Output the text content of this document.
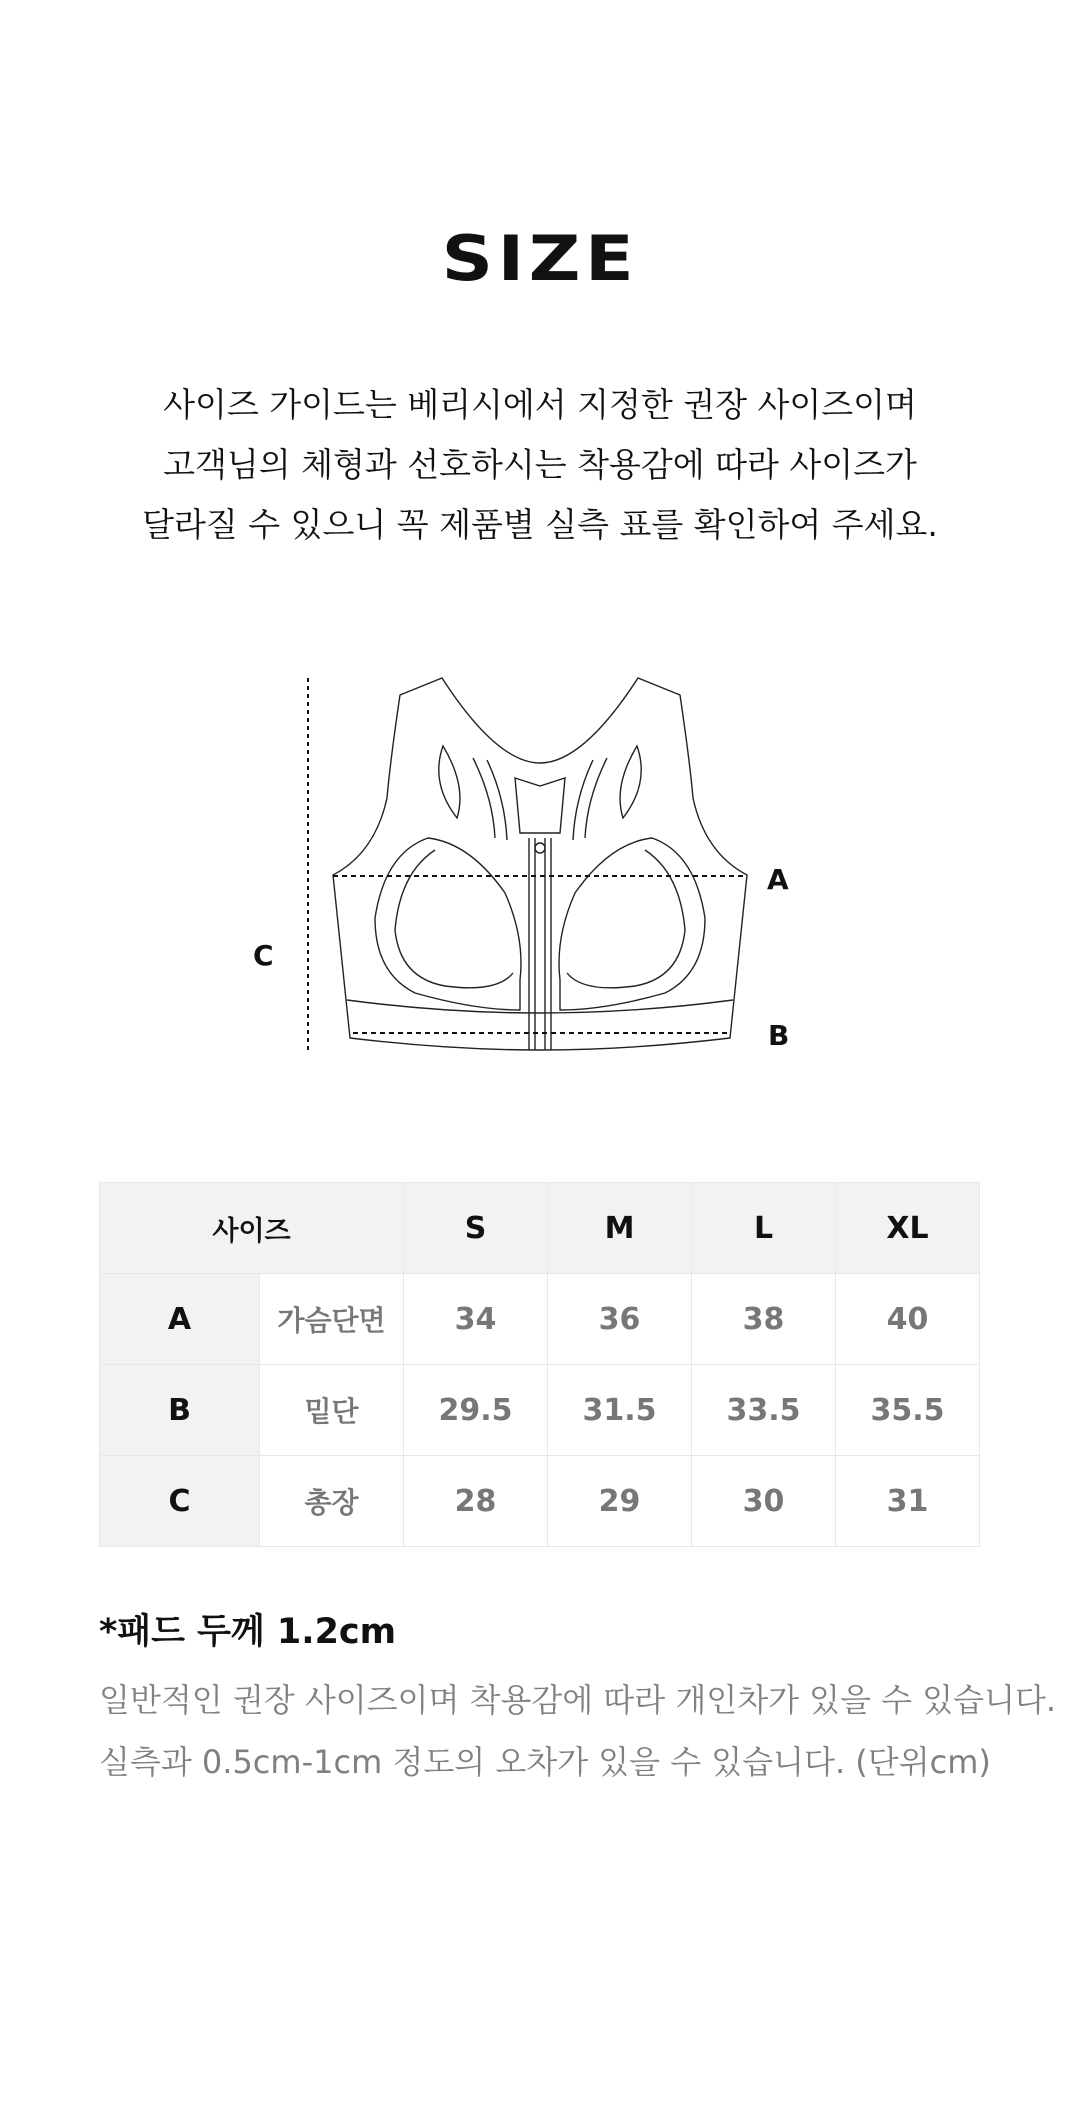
SIZE
사이즈 가이드는 베리시에서 지정한 권장 사이즈이며
고객님의 체형과 선호하시는 착용감에 따라 사이즈가
달라질 수 있으니 꼭 제품별 실측 표를 확인하여 주세요.
A
B
C
사이즈		S	M	L	XL
A	가슴단면	34	36	38	40
B	밑단	29.5	31.5	33.5	35.5
C	총장	28	29	30	31
*패드 두께 1.2cm
일반적인 권장 사이즈이며 착용감에 따라 개인차가 있을 수 있습니다.
실측과 0.5cm-1cm 정도의 오차가 있을 수 있습니다. (단위cm)
